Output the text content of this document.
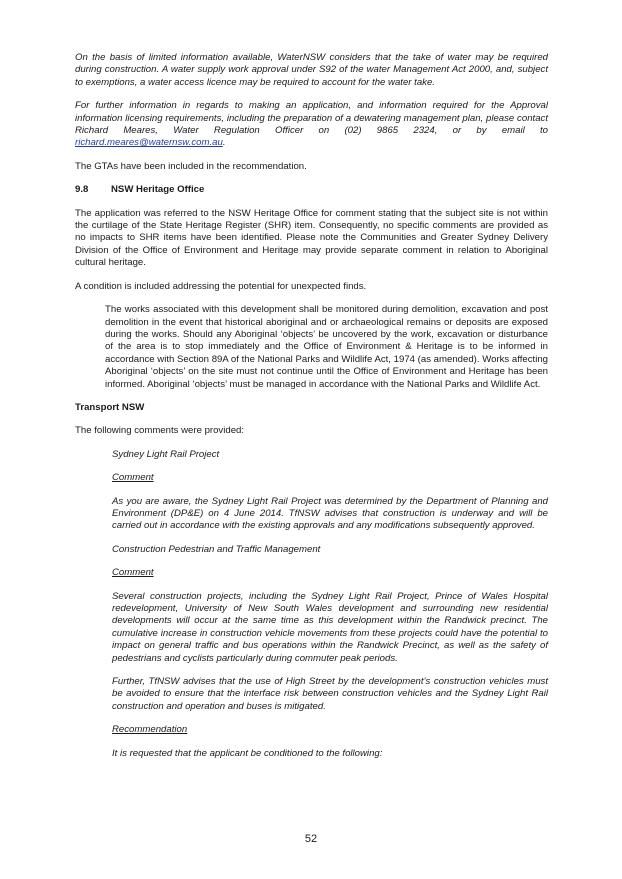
On the basis of limited information available, WaterNSW considers that the take of water may be required during construction. A water supply work approval under S92 of the water Management Act 2000, and, subject to exemptions, a water access licence may be required to account for the water take.

For further information in regards to making an application, and information required for the Approval information licensing requirements, including the preparation of a dewatering management plan, please contact Richard Meares, Water Regulation Officer on (02) 9865 2324, or by email to richard.meares@waternsw.com.au.

The GTAs have been included in the recommendation.

9.8	NSW Heritage Office

The application was referred to the NSW Heritage Office for comment stating that the subject site is not within the curtilage of the State Heritage Register (SHR) item. Consequently, no specific comments are provided as no impacts to SHR items have been identified. Please note the Communities and Greater Sydney Delivery Division of the Office of Environment and Heritage may provide separate comment in relation to Aboriginal cultural heritage.

A condition is included addressing the potential for unexpected finds.

The works associated with this development shall be monitored during demolition, excavation and post demolition in the event that historical aboriginal and or archaeological remains or deposits are exposed during the works. Should any Aboriginal ‘objects’ be uncovered by the work, excavation or disturbance of the area is to stop immediately and the Office of Environment & Heritage is to be informed in accordance with Section 89A of the National Parks and Wildlife Act, 1974 (as amended). Works affecting Aboriginal ‘objects’ on the site must not continue until the Office of Environment and Heritage has been informed. Aboriginal ‘objects’ must be managed in accordance with the National Parks and Wildlife Act.

Transport NSW

The following comments were provided:

Sydney Light Rail Project

Comment

As you are aware, the Sydney Light Rail Project was determined by the Department of Planning and Environment (DP&E) on 4 June 2014. TfNSW advises that construction is underway and will be carried out in accordance with the existing approvals and any modifications subsequently approved.

Construction Pedestrian and Traffic Management

Comment

Several construction projects, including the Sydney Light Rail Project, Prince of Wales Hospital redevelopment, University of New South Wales development and surrounding new residential developments will occur at the same time as this development within the Randwick precinct. The cumulative increase in construction vehicle movements from these projects could have the potential to impact on general traffic and bus operations within the Randwick Precinct, as well as the safety of pedestrians and cyclists particularly during commuter peak periods.

Further, TfNSW advises that the use of High Street by the development’s construction vehicles must be avoided to ensure that the interface risk between construction vehicles and the Sydney Light Rail construction and operation and buses is mitigated.

Recommendation

It is requested that the applicant be conditioned to the following:

52
